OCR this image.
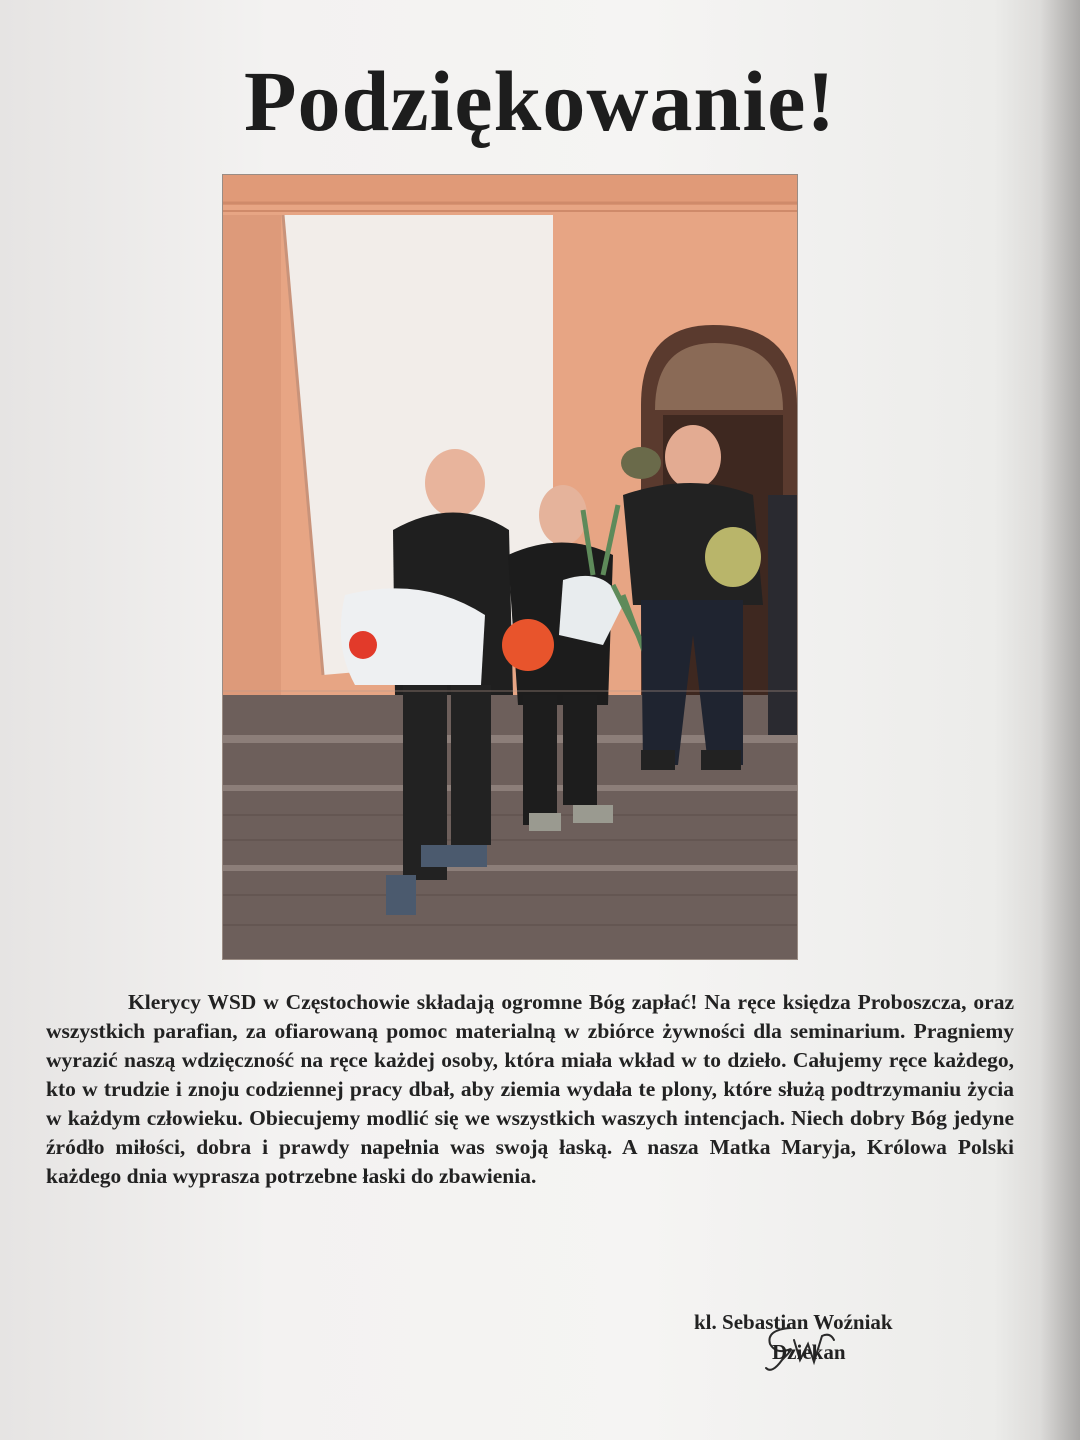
Podziękowanie!

Klerycy WSD w Częstochowie składają ogromne Bóg zapłać! Na ręce księdza Proboszcza, oraz wszystkich parafian, za ofiarowaną pomoc materialną w zbiórce żywności dla seminarium. Pragniemy wyrazić naszą wdzięczność na ręce każdej osoby, która miała wkład w to dzieło. Całujemy ręce każdego, kto w trudzie i znoju codziennej pracy dbał, aby ziemia wydała te plony, które służą podtrzymaniu życia w każdym człowieku. Obiecujemy modlić się we wszystkich waszych intencjach. Niech dobry Bóg jedyne źródło miłości, dobra i prawdy napełnia was swoją łaską. A nasza Matka Maryja, Królowa Polski każdego dnia wyprasza potrzebne łaski do zbawienia.

kl. Sebastian Woźniak
Dziekan
